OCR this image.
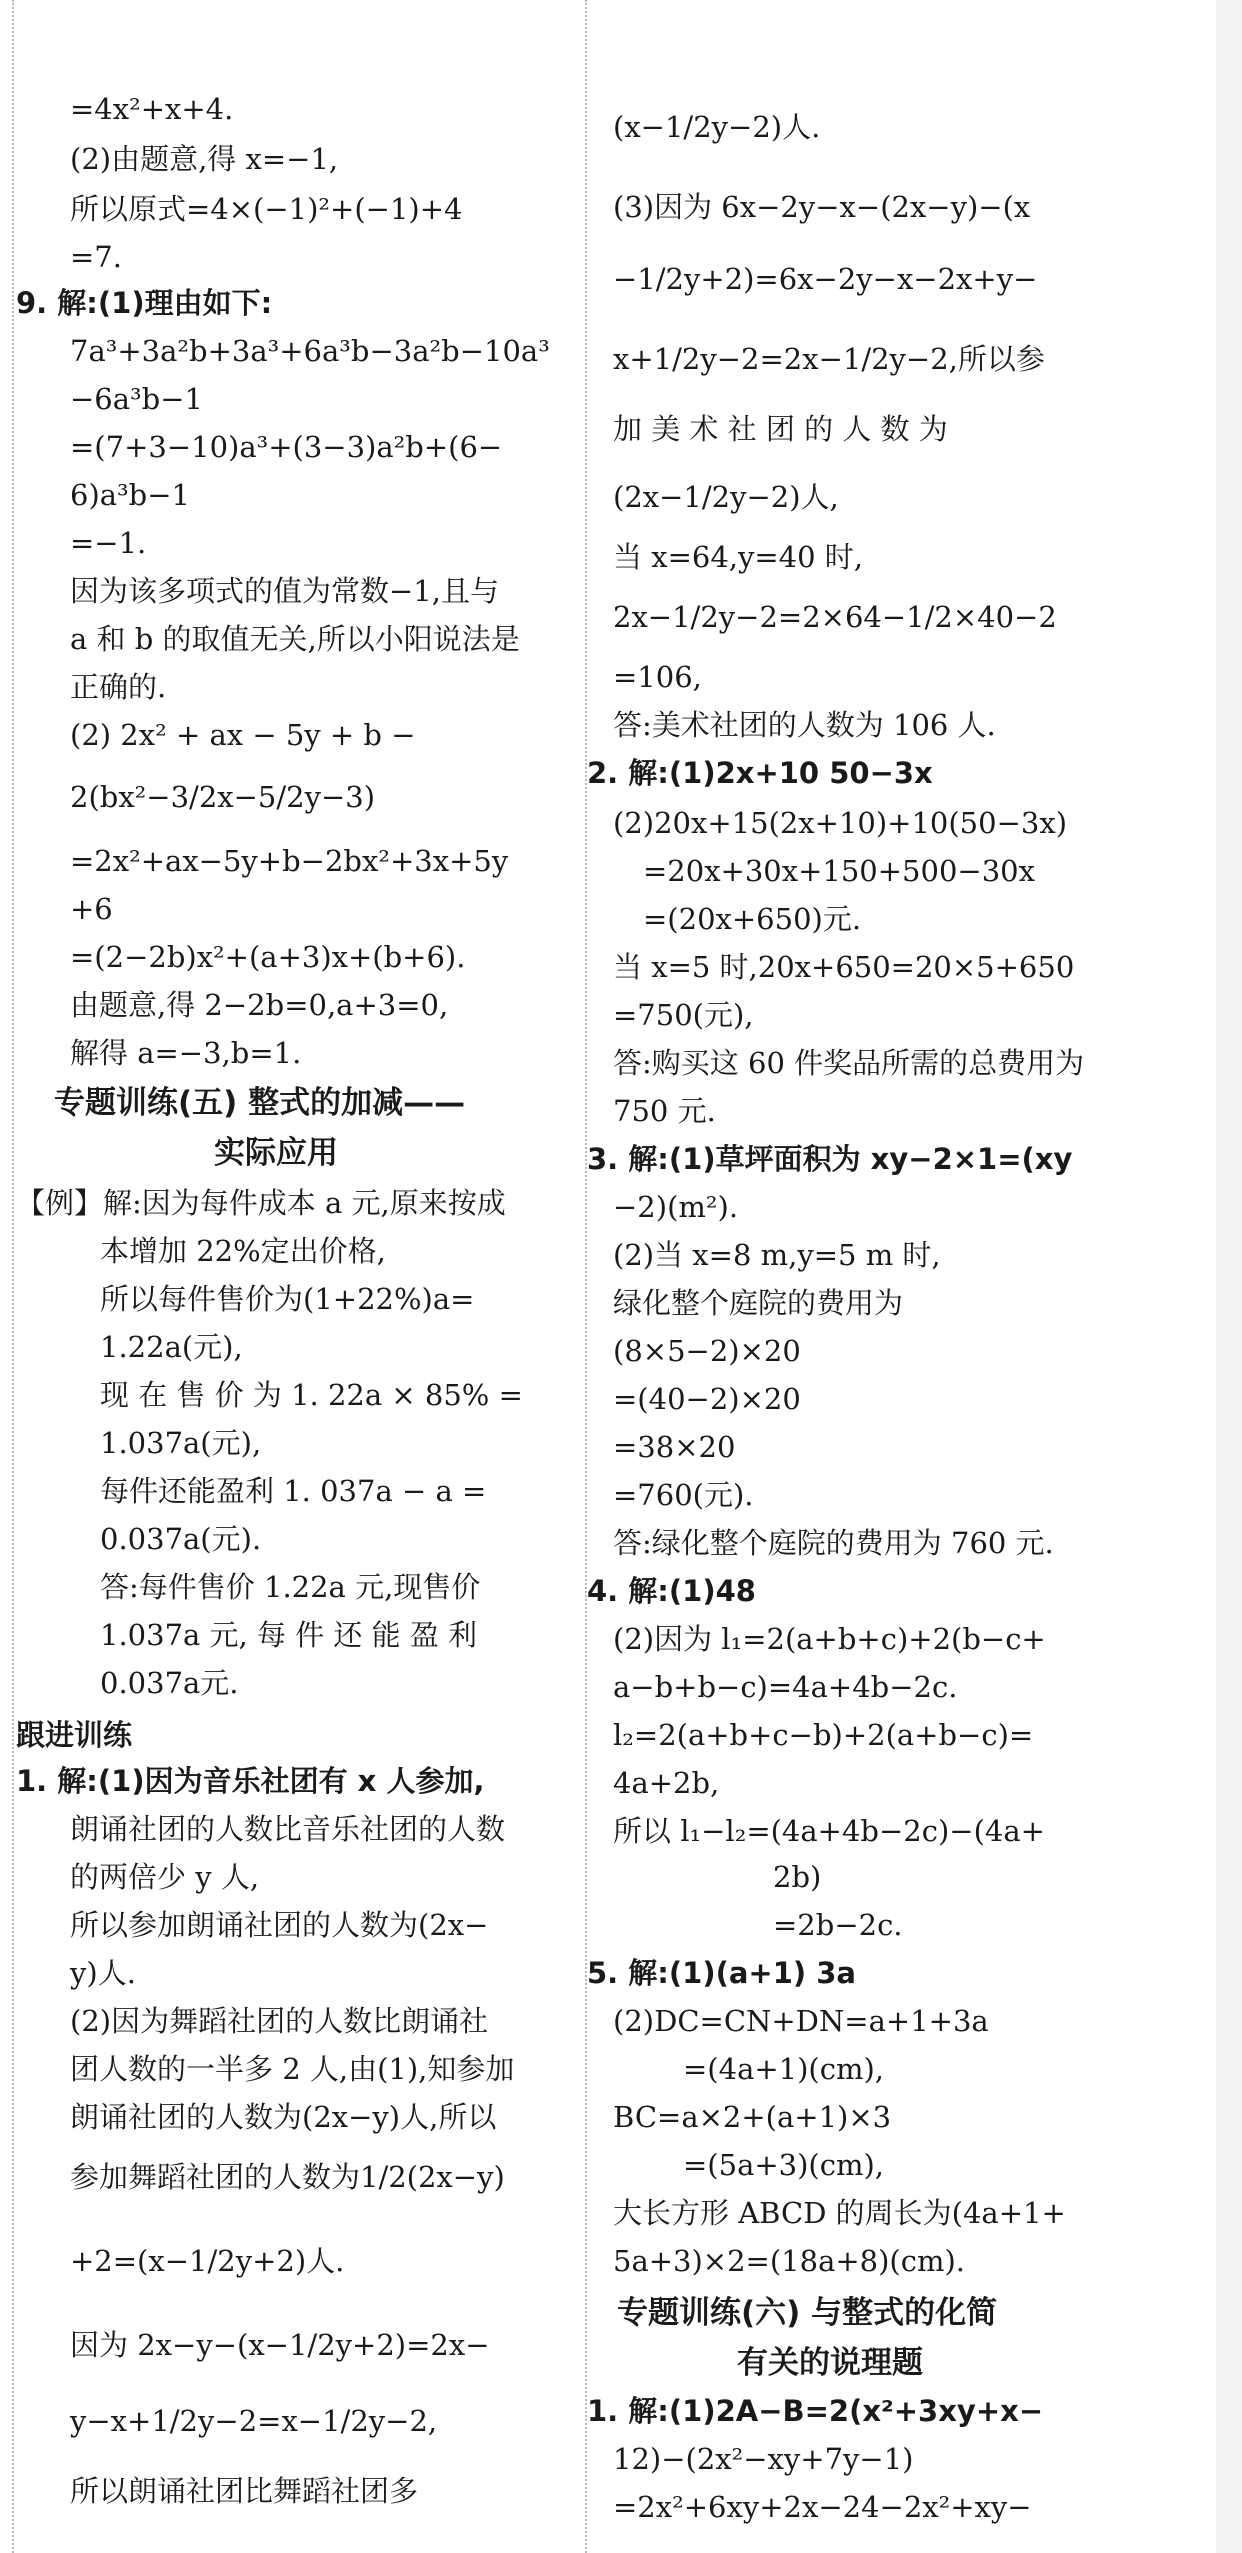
=4x²+x+4.
(2)由题意,得 x=−1,
所以原式=4×(−1)²+(−1)+4
=7.
9. 解:(1)理由如下:
7a³+3a²b+3a³+6a³b−3a²b−10a³
−6a³b−1
=(7+3−10)a³+(3−3)a²b+(6−
6)a³b−1
=−1.
因为该多项式的值为常数−1,且与
a 和 b 的取值无关,所以小阳说法是
正确的.
(2) 2x² + ax − 5y + b −
2(bx²−3/2x−5/2y−3)
=2x²+ax−5y+b−2bx²+3x+5y
+6
=(2−2b)x²+(a+3)x+(b+6).
由题意,得 2−2b=0,a+3=0,
解得 a=−3,b=1.
专题训练(五) 整式的加减——
实际应用
【例】解:因为每件成本 a 元,原来按成
本增加 22%定出价格,
所以每件售价为(1+22%)a=
1.22a(元),
现 在 售 价 为 1. 22a × 85% =
1.037a(元),
每件还能盈利 1. 037a − a =
0.037a(元).
答:每件售价 1.22a 元,现售价
1.037a 元, 每 件 还 能 盈 利
0.037a元.
跟进训练
1. 解:(1)因为音乐社团有 x 人参加,
朗诵社团的人数比音乐社团的人数
的两倍少 y 人,
所以参加朗诵社团的人数为(2x−
y)人.
(2)因为舞蹈社团的人数比朗诵社
团人数的一半多 2 人,由(1),知参加
朗诵社团的人数为(2x−y)人,所以
参加舞蹈社团的人数为1/2(2x−y)
+2=(x−1/2y+2)人.
因为 2x−y−(x−1/2y+2)=2x−
y−x+1/2y−2=x−1/2y−2,
所以朗诵社团比舞蹈社团多
(x−1/2y−2)人.
(3)因为 6x−2y−x−(2x−y)−(x
−1/2y+2)=6x−2y−x−2x+y−
x+1/2y−2=2x−1/2y−2,所以参
加 美 术 社 团 的 人 数 为
(2x−1/2y−2)人,
当 x=64,y=40 时,
2x−1/2y−2=2×64−1/2×40−2
=106,
答:美术社团的人数为 106 人.
2. 解:(1)2x+10 50−3x
(2)20x+15(2x+10)+10(50−3x)
=20x+30x+150+500−30x
=(20x+650)元.
当 x=5 时,20x+650=20×5+650
=750(元),
答:购买这 60 件奖品所需的总费用为
750 元.
3. 解:(1)草坪面积为 xy−2×1=(xy
−2)(m²).
(2)当 x=8 m,y=5 m 时,
绿化整个庭院的费用为
(8×5−2)×20
=(40−2)×20
=38×20
=760(元).
答:绿化整个庭院的费用为 760 元.
4. 解:(1)48
(2)因为 l₁=2(a+b+c)+2(b−c+
a−b+b−c)=4a+4b−2c.
l₂=2(a+b+c−b)+2(a+b−c)=
4a+2b,
所以 l₁−l₂=(4a+4b−2c)−(4a+
2b)
=2b−2c.
5. 解:(1)(a+1) 3a
(2)DC=CN+DN=a+1+3a
=(4a+1)(cm),
BC=a×2+(a+1)×3
=(5a+3)(cm),
大长方形 ABCD 的周长为(4a+1+
5a+3)×2=(18a+8)(cm).
专题训练(六) 与整式的化简
有关的说理题
1. 解:(1)2A−B=2(x²+3xy+x−
12)−(2x²−xy+7y−1)
=2x²+6xy+2x−24−2x²+xy−
